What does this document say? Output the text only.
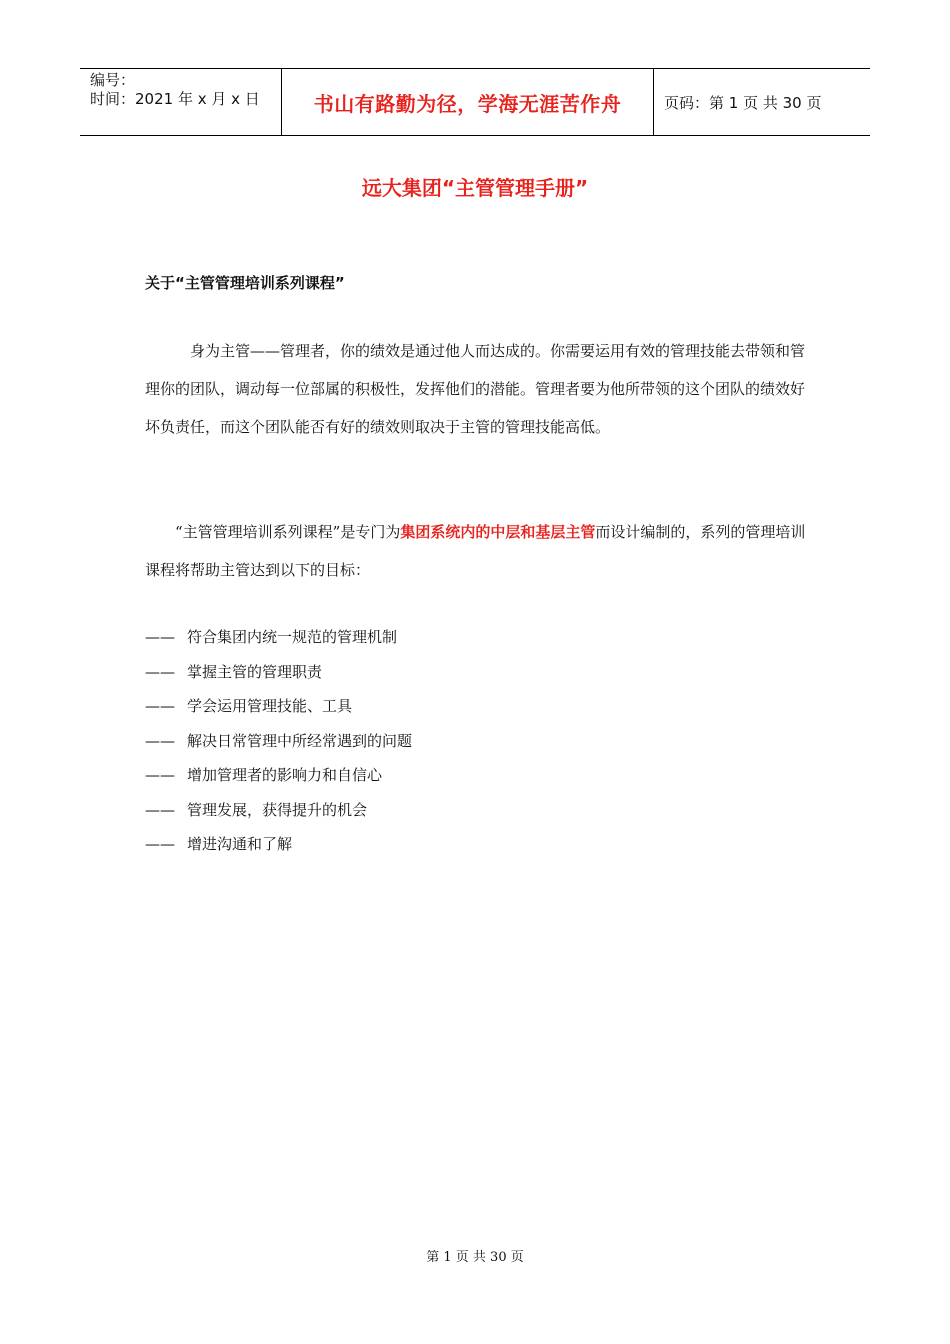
编号：
时间：2021 年 x 月 x 日	书山有路勤为径，学海无涯苦作舟	页码：第 1 页 共 30 页
远大集团“主管管理手册”
关于“主管管理培训系列课程”

身为主管——管理者，你的绩效是通过他人而达成的。你需要运用有效的管理技能去带领和管理你的团队，调动每一位部属的积极性，发挥他们的潜能。管理者要为他所带领的这个团队的绩效好坏负责任，而这个团队能否有好的绩效则取决于主管的管理技能高低。

“主管管理培训系列课程”是专门为集团系统内的中层和基层主管而设计编制的，系列的管理培训课程将帮助主管达到以下的目标：

—— 符合集团内统一规范的管理机制
—— 掌握主管的管理职责
—— 学会运用管理技能、工具
—— 解决日常管理中所经常遇到的问题
—— 增加管理者的影响力和自信心
—— 管理发展，获得提升的机会
—— 增进沟通和了解
第 1 页 共 30 页
